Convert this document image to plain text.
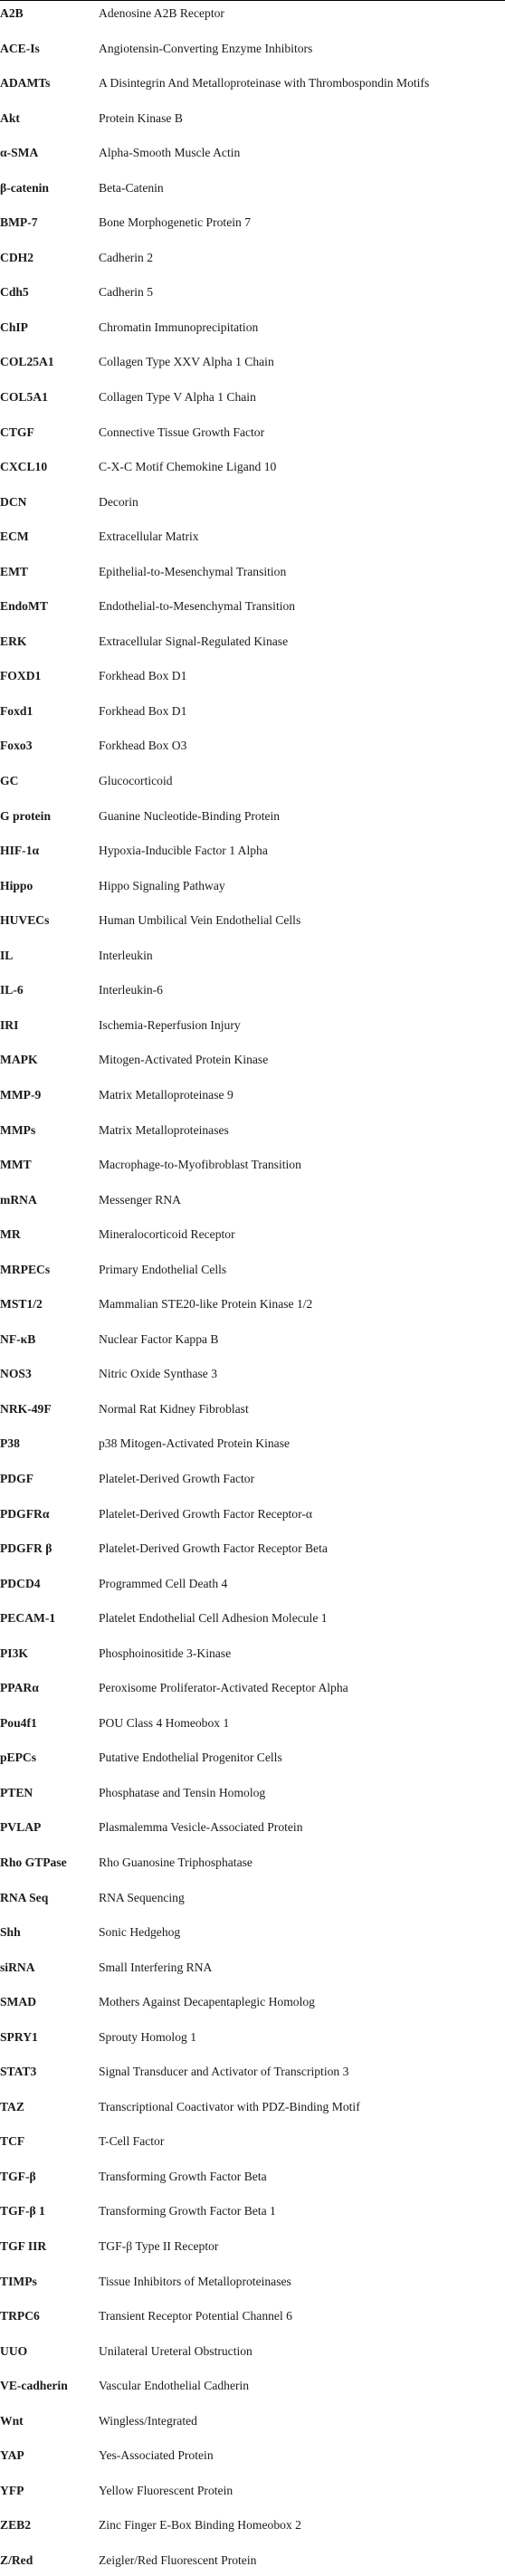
A2B	Adenosine A2B Receptor
ACE-Is	Angiotensin-Converting Enzyme Inhibitors
ADAMTs	A Disintegrin And Metalloproteinase with Thrombospondin Motifs
Akt	Protein Kinase B
α-SMA	Alpha-Smooth Muscle Actin
β-catenin	Beta-Catenin
BMP-7	Bone Morphogenetic Protein 7
CDH2	Cadherin 2
Cdh5	Cadherin 5
ChIP	Chromatin Immunoprecipitation
COL25A1	Collagen Type XXV Alpha 1 Chain
COL5A1	Collagen Type V Alpha 1 Chain
CTGF	Connective Tissue Growth Factor
CXCL10	C-X-C Motif Chemokine Ligand 10
DCN	Decorin
ECM	Extracellular Matrix
EMT	Epithelial-to-Mesenchymal Transition
EndoMT	Endothelial-to-Mesenchymal Transition
ERK	Extracellular Signal-Regulated Kinase
FOXD1	Forkhead Box D1
Foxd1	Forkhead Box D1
Foxo3	Forkhead Box O3
GC	Glucocorticoid
G protein	Guanine Nucleotide-Binding Protein
HIF-1α	Hypoxia-Inducible Factor 1 Alpha
Hippo	Hippo Signaling Pathway
HUVECs	Human Umbilical Vein Endothelial Cells
IL	Interleukin
IL-6	Interleukin-6
IRI	Ischemia-Reperfusion Injury
MAPK	Mitogen-Activated Protein Kinase
MMP-9	Matrix Metalloproteinase 9
MMPs	Matrix Metalloproteinases
MMT	Macrophage-to-Myofibroblast Transition
mRNA	Messenger RNA
MR	Mineralocorticoid Receptor
MRPECs	Primary Endothelial Cells
MST1/2	Mammalian STE20-like Protein Kinase 1/2
NF-κB	Nuclear Factor Kappa B
NOS3	Nitric Oxide Synthase 3
NRK-49F	Normal Rat Kidney Fibroblast
P38	p38 Mitogen-Activated Protein Kinase
PDGF	Platelet-Derived Growth Factor
PDGFRα	Platelet-Derived Growth Factor Receptor-α
PDGFR β	Platelet-Derived Growth Factor Receptor Beta
PDCD4	Programmed Cell Death 4
PECAM-1	Platelet Endothelial Cell Adhesion Molecule 1
PI3K	Phosphoinositide 3-Kinase
PPARα	Peroxisome Proliferator-Activated Receptor Alpha
Pou4f1	POU Class 4 Homeobox 1
pEPCs	Putative Endothelial Progenitor Cells
PTEN	Phosphatase and Tensin Homolog
PVLAP	Plasmalemma Vesicle-Associated Protein
Rho GTPase	Rho Guanosine Triphosphatase
RNA Seq	RNA Sequencing
Shh	Sonic Hedgehog
siRNA	Small Interfering RNA
SMAD	Mothers Against Decapentaplegic Homolog
SPRY1	Sprouty Homolog 1
STAT3	Signal Transducer and Activator of Transcription 3
TAZ	Transcriptional Coactivator with PDZ-Binding Motif
TCF	T-Cell Factor
TGF-β	Transforming Growth Factor Beta
TGF-β 1	Transforming Growth Factor Beta 1
TGF IIR	TGF-β Type II Receptor
TIMPs	Tissue Inhibitors of Metalloproteinases
TRPC6	Transient Receptor Potential Channel 6
UUO	Unilateral Ureteral Obstruction
VE-cadherin	Vascular Endothelial Cadherin
Wnt	Wingless/Integrated
YAP	Yes-Associated Protein
YFP	Yellow Fluorescent Protein
ZEB2	Zinc Finger E-Box Binding Homeobox 2
Z/Red	Zeigler/Red Fluorescent Protein
